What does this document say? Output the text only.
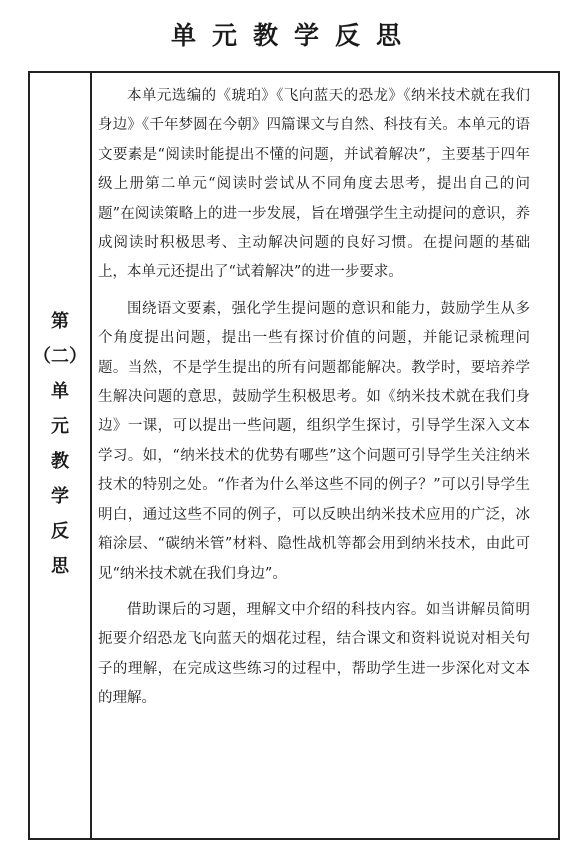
单元教学反思
第
（二）
单
元
教
学
反
思

本单元选编的《琥珀》《飞向蓝天的恐龙》《纳米技术就在我们身边》《千年梦圆在今朝》四篇课文与自然、科技有关。本单元的语文要素是“阅读时能提出不懂的问题，并试着解决”，主要基于四年级上册第二单元“阅读时尝试从不同角度去思考，提出自己的问题”在阅读策略上的进一步发展，旨在增强学生主动提问的意识，养成阅读时积极思考、主动解决问题的良好习惯。在提问题的基础上，本单元还提出了“试着解决”的进一步要求。

围绕语文要素，强化学生提问题的意识和能力，鼓励学生从多个角度提出问题，提出一些有探讨价值的问题，并能记录梳理问题。当然，不是学生提出的所有问题都能解决。教学时，要培养学生解决问题的意思，鼓励学生积极思考。如《纳米技术就在我们身边》一课，可以提出一些问题，组织学生探讨，引导学生深入文本学习。如，“纳米技术的优势有哪些”这个问题可引导学生关注纳米技术的特别之处。“作者为什么举这些不同的例子？”可以引导学生明白，通过这些不同的例子，可以反映出纳米技术应用的广泛，冰箱涂层、“碳纳米管”材料、隐性战机等都会用到纳米技术，由此可见“纳米技术就在我们身边”。

借助课后的习题，理解文中介绍的科技内容。如当讲解员简明扼要介绍恐龙飞向蓝天的烟花过程，结合课文和资料说说对相关句子的理解，在完成这些练习的过程中，帮助学生进一步深化对文本的理解。
